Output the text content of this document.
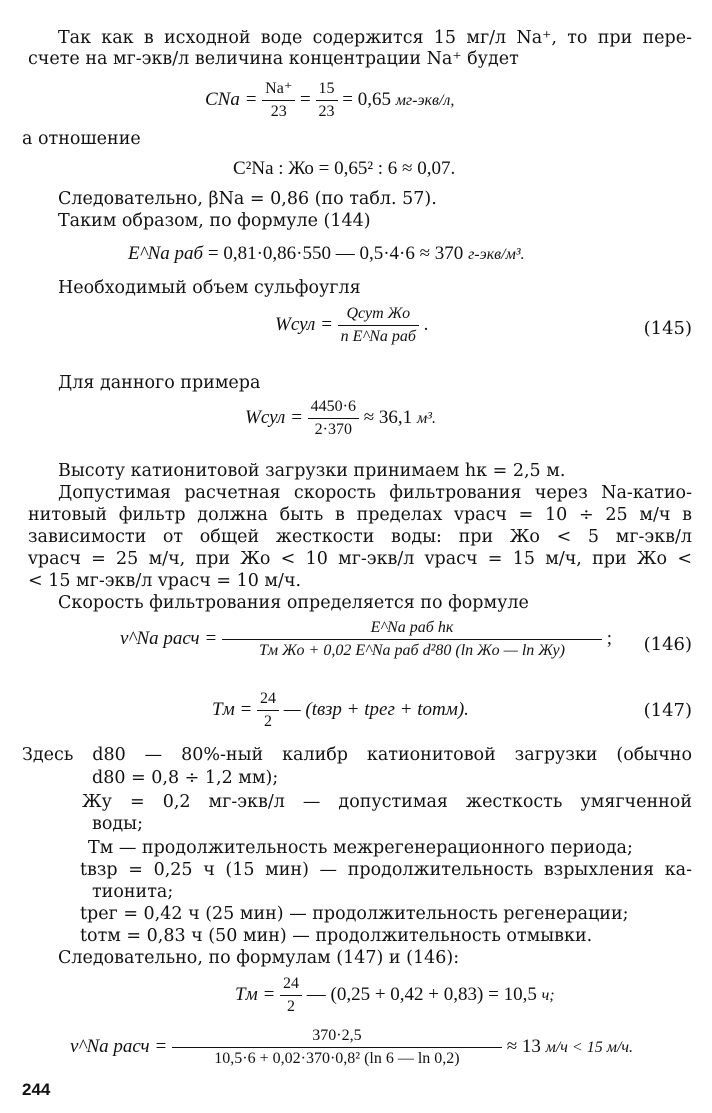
Так как в исходной воде содержится 15 мг/л Na⁺, то при пере-
счете на мг-экв/л величина концентрации Na⁺ будет
CNa = $\frac{Na^+}{23} = \frac{15}{23} = 0,65$ мг-экв/л,
а отношение
C²Na : Жо = 0,65² : 6 ≈ 0,07.
Следовательно, βNa = 0,86 (по табл. 57).
Таким образом, по формуле (144)
E^Na раб = 0,81·0,86·550 — 0,5·4·6 ≈ 370 г-экв/м³.
Необходимый объем сульфоугля
Wсул = $\frac{\text{Qсут Жо}}{\text{n E\textasciicircum{}Na раб}}$ .	(145)
Для данного примера
Wсул = $\frac{4450\cdot 6}{2\cdot 370} \approx 36,1$ м³.
Высоту катионитовой загрузки принимаем hк = 2,5 м.
Допустимая расчетная скорость фильтрования через Na-катио-
нитовый фильтр должна быть в пределах vрасч = 10 ÷ 25 м/ч в
зависимости от общей жесткости воды: при Жо < 5 мг-экв/л
vрасч = 25 м/ч, при Жо < 10 мг-экв/л vрасч = 15 м/ч, при Жо <
< 15 мг-экв/л vрасч = 10 м/ч.
Скорость фильтрования определяется по формуле
v^Na расч = $\frac{\text{E\textasciicircum{}Na раб hк}}{\text{Tм Жо + 0,02 E\textasciicircum{}Na раб d²80 (ln Жо — ln Жу)}}$ ; (146)
Tм = $\frac{24}{2}$ — (tвзр + tрег + tотм).	(147)
Здесь d80 — 80%-ный калибр катионитовой загрузки (обычно
d80 = 0,8 ÷ 1,2 мм);
Жу = 0,2 мг-экв/л — допустимая жесткость умягченной
воды;
Tм — продолжительность межрегенерационного периода;
tвзр = 0,25 ч (15 мин) — продолжительность взрыхления ка-
тионита;
tрег = 0,42 ч (25 мин) — продолжительность регенерации;
tотм = 0,83 ч (50 мин) — продолжительность отмывки.
Следовательно, по формулам (147) и (146):
Tм = $\frac{24}{2}$ — (0,25 + 0,42 + 0,83) = 10,5 ч;
v^Na расч = $\frac{370\cdot 2,5}{\text{10,5·6 + 0,02·370·0,8² (ln 6 — ln 0,2)}} \approx 13$ м/ч < 15 м/ч.
244
